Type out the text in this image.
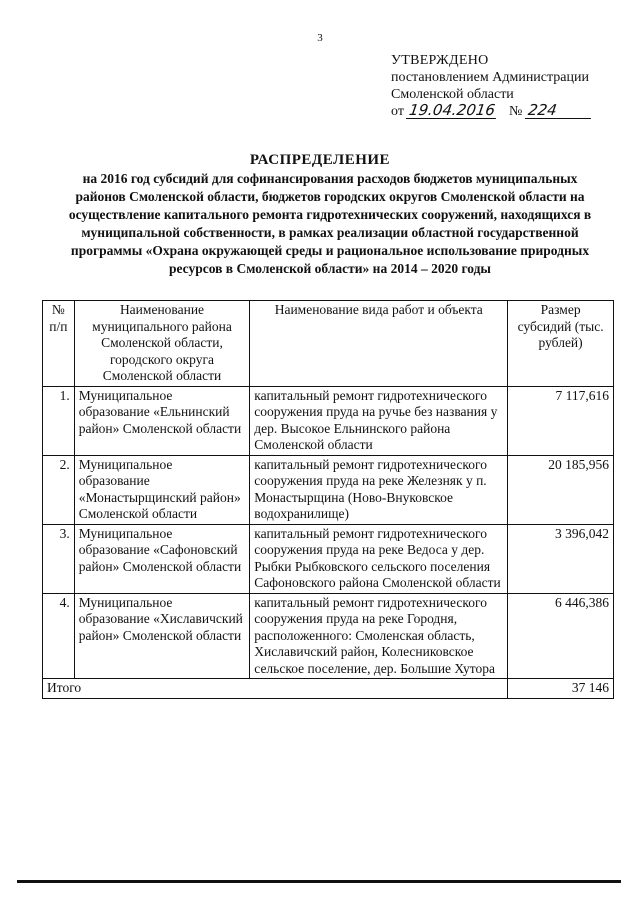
3
УТВЕРЖДЕНО
постановлением Администрации
Смоленской области
от 19.04.2016 № 224
РАСПРЕДЕЛЕНИЕ
на 2016 год субсидий для софинансирования расходов бюджетов муниципальных районов Смоленской области, бюджетов городских округов Смоленской области на осуществление капитального ремонта гидротехнических сооружений, находящихся в муниципальной собственности, в рамках реализации областной государственной программы «Охрана окружающей среды и рациональное использование природных ресурсов в Смоленской области» на 2014 – 2020 годы
№ п/п	Наименование муниципального района Смоленской области, городского округа Смоленской области	Наименование вида работ и объекта	Размер субсидий (тыс. рублей)
1.	Муниципальное образование «Ельнинский район» Смоленской области	капитальный ремонт гидротехнического сооружения пруда на ручье без названия у дер. Высокое Ельнинского района Смоленской области	7 117,616
2.	Муниципальное образование «Монастырщинский район» Смоленской области	капитальный ремонт гидротехнического сооружения пруда на реке Железняк у п. Монастырщина (Ново-Внуковское водохранилище)	20 185,956
3.	Муниципальное образование «Сафоновский район» Смоленской области	капитальный ремонт гидротехнического сооружения пруда на реке Ведоса у дер. Рыбки Рыбковского сельского поселения Сафоновского района Смоленской области	3 396,042
4.	Муниципальное образование «Хиславичский район» Смоленской области	капитальный ремонт гидротехнического сооружения пруда на реке Городня, расположенного: Смоленская область, Хиславичский район, Колесниковское сельское поселение, дер. Большие Хутора	6 446,386
Итого			37 146
